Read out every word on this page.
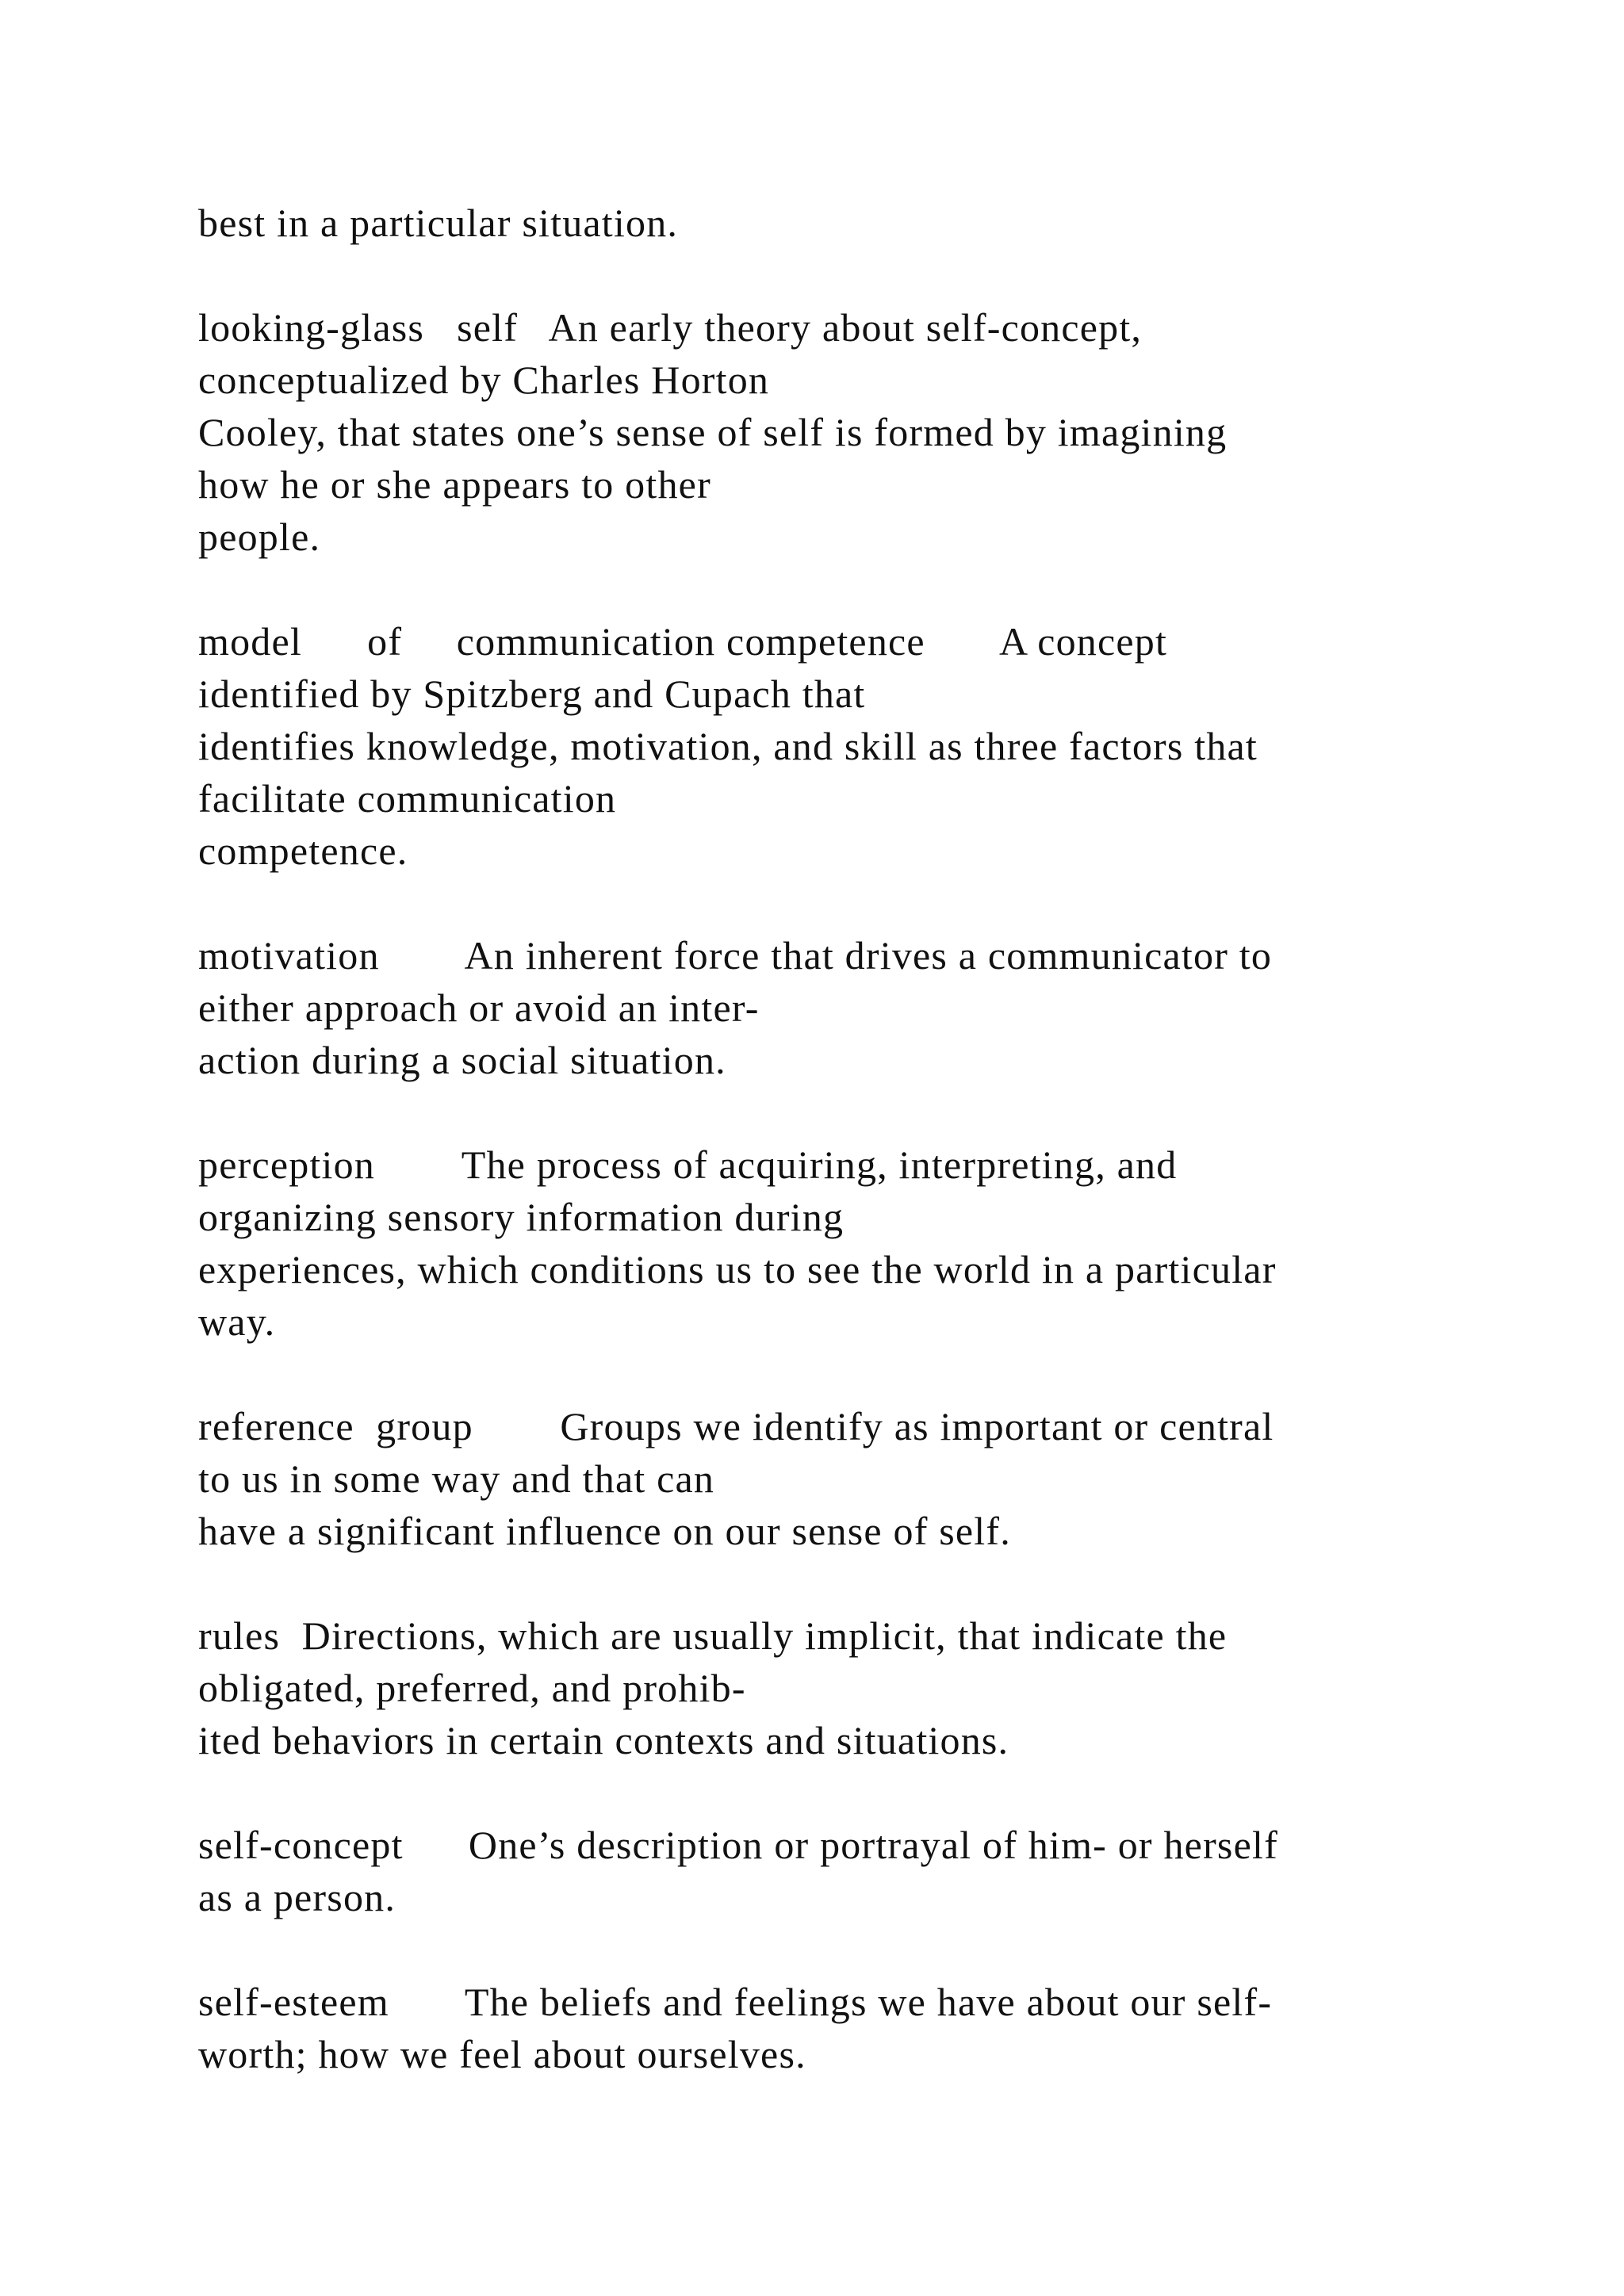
best in a particular situation.
looking-glass   self   An early theory about self-concept,
conceptualized by Charles Horton
Cooley, that states one’s sense of self is formed by imagining
how he or she appears to other
people.
model      of     communication competence       A concept
identified by Spitzberg and Cupach that
identifies knowledge, motivation, and skill as three factors that
facilitate communication
competence.
motivation        An inherent force that drives a communicator to
either approach or avoid an inter-
action during a social situation.
perception        The process of acquiring, interpreting, and
organizing sensory information during
experiences, which conditions us to see the world in a particular
way.
reference  group        Groups we identify as important or central
to us in some way and that can
have a significant influence on our sense of self.
rules  Directions, which are usually implicit, that indicate the
obligated, preferred, and prohib-
ited behaviors in certain contexts and situations.
self-concept      One’s description or portrayal of him- or herself
as a person.
self-esteem       The beliefs and feelings we have about our self-
worth; how we feel about ourselves.
